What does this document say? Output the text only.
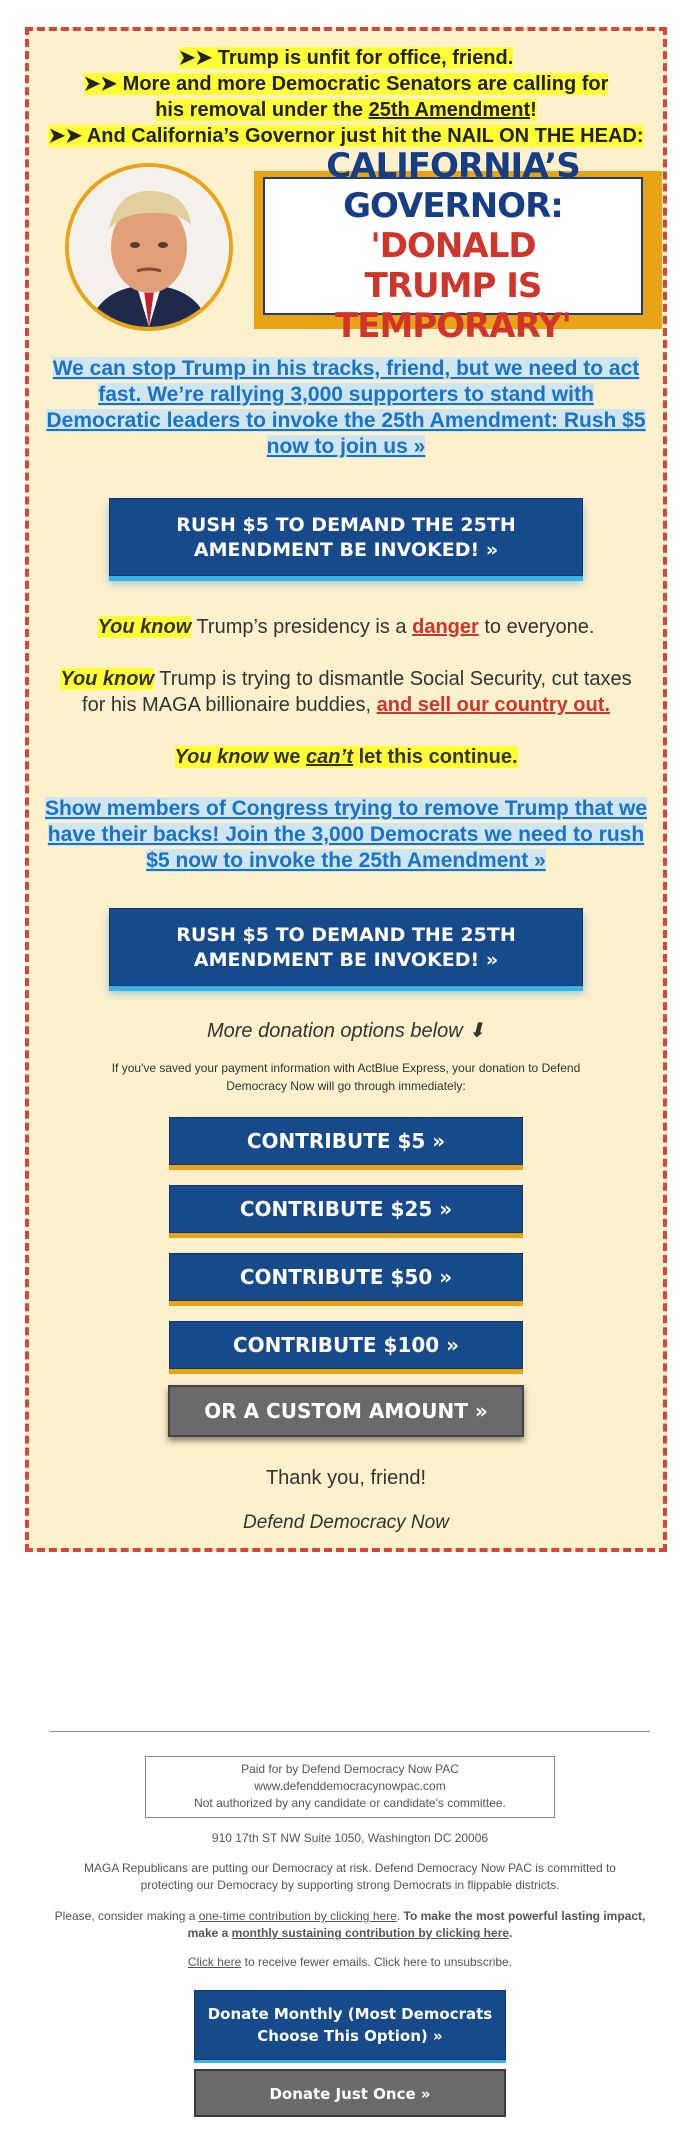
➤➤ Trump is unfit for office, friend.
➤➤ More and more Democratic Senators are calling for his removal under the 25th Amendment!
➤➤ And California’s Governor just hit the NAIL ON THE HEAD:
CALIFORNIA’S
GOVERNOR: 'DONALD
TRUMP IS TEMPORARY'
We can stop Trump in his tracks, friend, but we need to act fast. We’re rallying 3,000 supporters to stand with Democratic leaders to invoke the 25th Amendment: Rush $5 now to join us »
RUSH $5 TO DEMAND THE 25TH AMENDMENT BE INVOKED! »
You know Trump’s presidency is a danger to everyone.
You know Trump is trying to dismantle Social Security, cut taxes for his MAGA billionaire buddies, and sell our country out.
You know we can’t let this continue.
Show members of Congress trying to remove Trump that we have their backs! Join the 3,000 Democrats we need to rush $5 now to invoke the 25th Amendment »
RUSH $5 TO DEMAND THE 25TH AMENDMENT BE INVOKED! »
More donation options below ⬇
If you've saved your payment information with ActBlue Express, your donation to Defend Democracy Now will go through immediately:
CONTRIBUTE $5 »
CONTRIBUTE $25 »
CONTRIBUTE $50 »
CONTRIBUTE $100 »
OR A CUSTOM AMOUNT »
Thank you, friend!
Defend Democracy Now
Paid for by Defend Democracy Now PAC
www.defenddemocracynowpac.com
Not authorized by any candidate or candidate's committee.
910 17th ST NW Suite 1050, Washington DC 20006
MAGA Republicans are putting our Democracy at risk. Defend Democracy Now PAC is committed to protecting our Democracy by supporting strong Democrats in flippable districts.
Please, consider making a one-time contribution by clicking here. To make the most powerful lasting impact, make a monthly sustaining contribution by clicking here.
Click here to receive fewer emails. Click here to unsubscribe.
Donate Monthly (Most Democrats Choose This Option) »
Donate Just Once »
